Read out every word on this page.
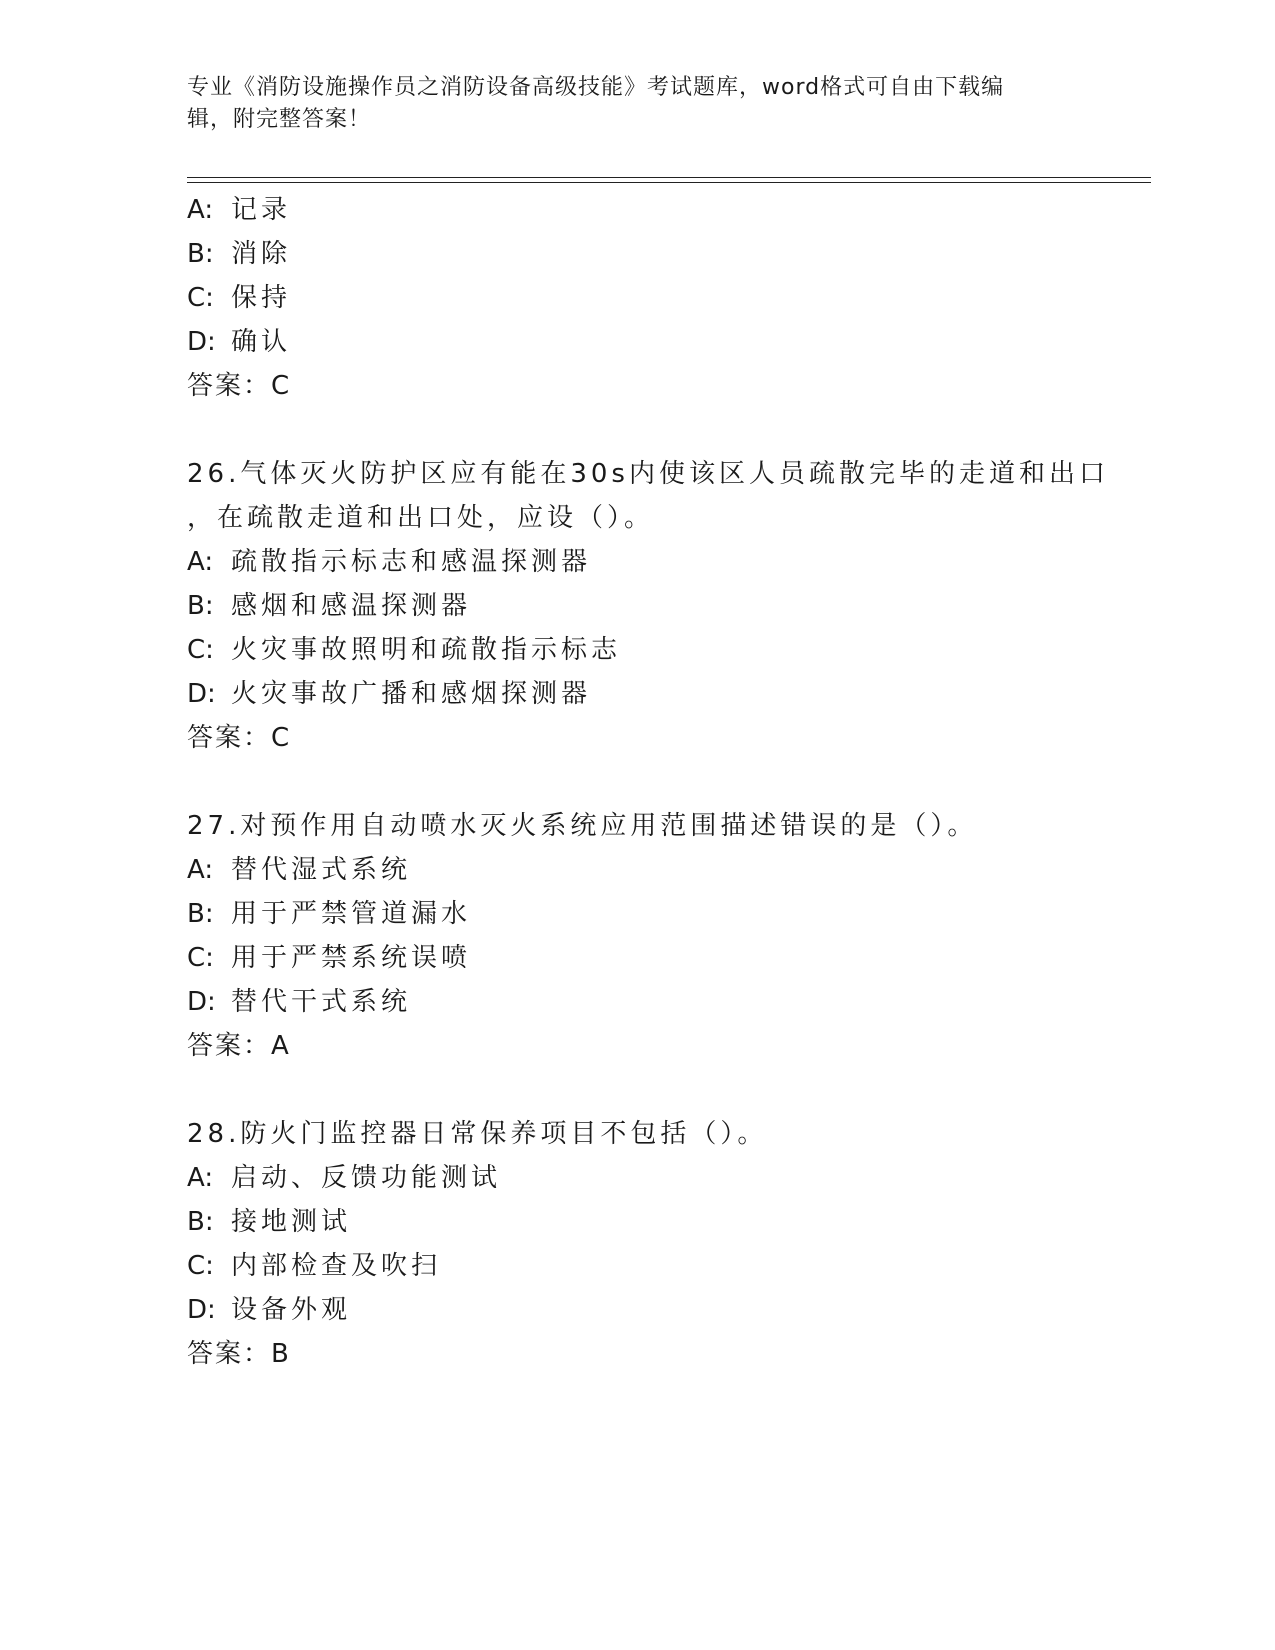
专业《消防设施操作员之消防设备高级技能》考试题库，word格式可自由下载编
辑，附完整答案！
A: 记录
B: 消除
C: 保持
D: 确认
答案：C
26.气体灭火防护区应有能在30s内使该区人员疏散完毕的走道和出口
，在疏散走道和出口处，应设（）。
A: 疏散指示标志和感温探测器
B: 感烟和感温探测器
C: 火灾事故照明和疏散指示标志
D: 火灾事故广播和感烟探测器
答案：C
27.对预作用自动喷水灭火系统应用范围描述错误的是（）。
A: 替代湿式系统
B: 用于严禁管道漏水
C: 用于严禁系统误喷
D: 替代干式系统
答案：A
28.防火门监控器日常保养项目不包括（）。
A: 启动、反馈功能测试
B: 接地测试
C: 内部检查及吹扫
D: 设备外观
答案：B
